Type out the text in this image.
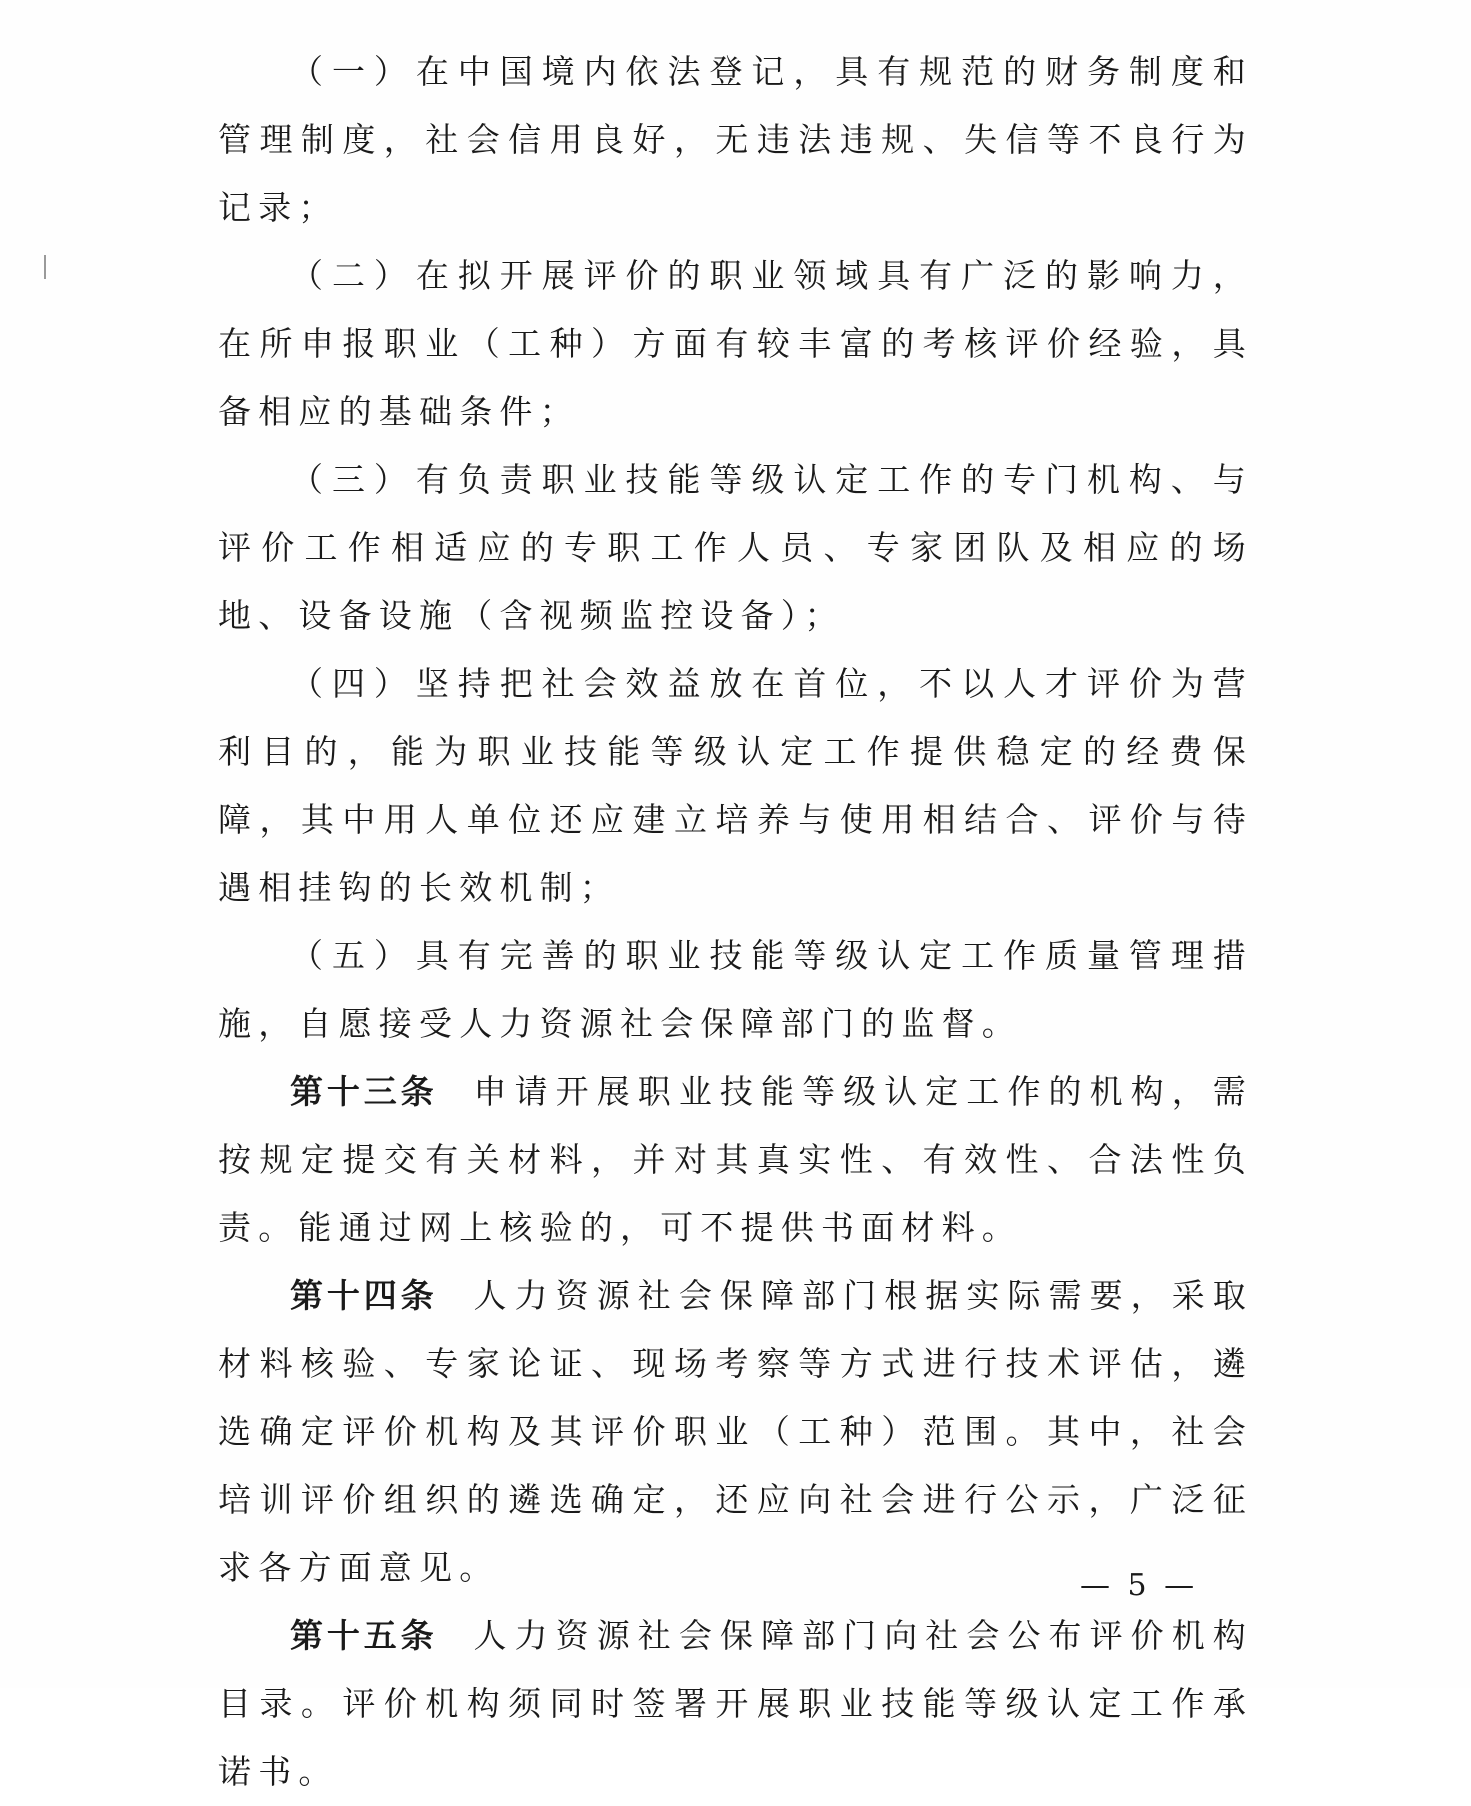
（一）在中国境内依法登记，具有规范的财务制度和管理制度，社会信用良好，无违法违规、失信等不良行为记录；

（二）在拟开展评价的职业领域具有广泛的影响力，在所申报职业（工种）方面有较丰富的考核评价经验，具备相应的基础条件；

（三）有负责职业技能等级认定工作的专门机构、与评价工作相适应的专职工作人员、专家团队及相应的场地、设备设施（含视频监控设备）；

（四）坚持把社会效益放在首位，不以人才评价为营利目的，能为职业技能等级认定工作提供稳定的经费保障，其中用人单位还应建立培养与使用相结合、评价与待遇相挂钩的长效机制；

（五）具有完善的职业技能等级认定工作质量管理措施，自愿接受人力资源社会保障部门的监督。

第十三条 申请开展职业技能等级认定工作的机构，需按规定提交有关材料，并对其真实性、有效性、合法性负责。能通过网上核验的，可不提供书面材料。

第十四条 人力资源社会保障部门根据实际需要，采取材料核验、专家论证、现场考察等方式进行技术评估，遴选确定评价机构及其评价职业（工种）范围。其中，社会培训评价组织的遴选确定，还应向社会进行公示，广泛征求各方面意见。

第十五条 人力资源社会保障部门向社会公布评价机构目录。评价机构须同时签署开展职业技能等级认定工作承诺书。

— 5 —
